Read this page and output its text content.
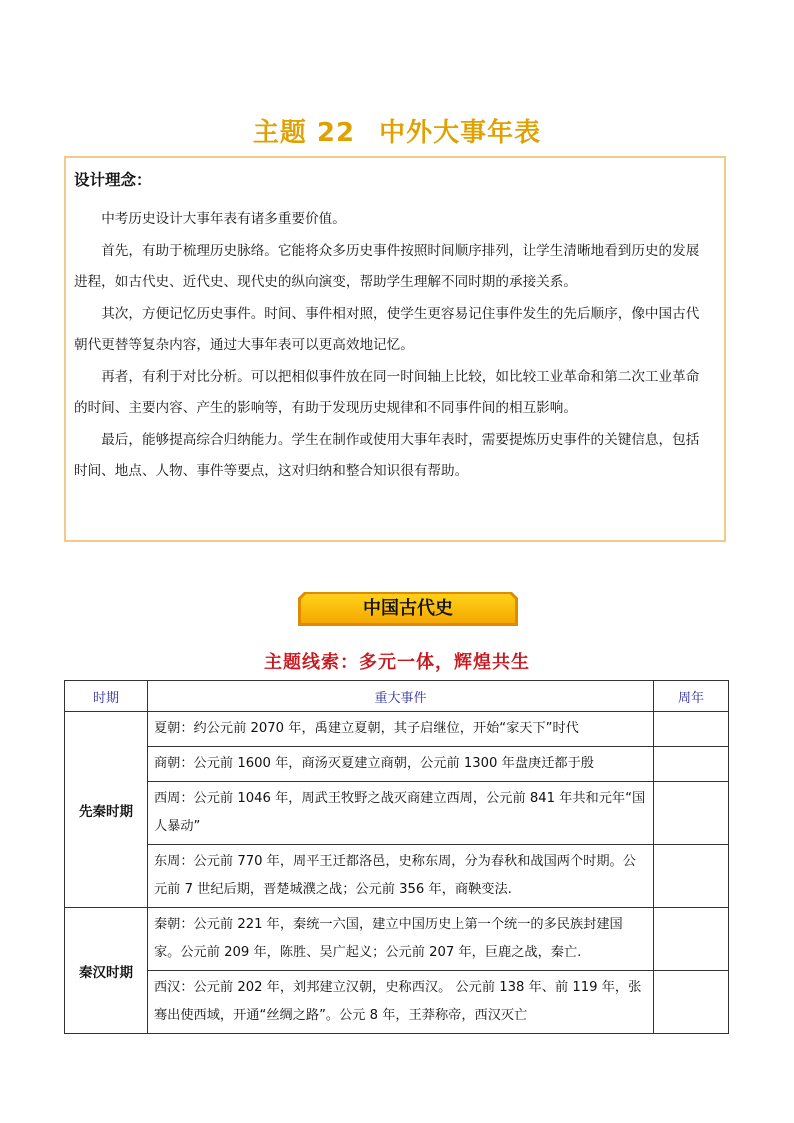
主题 22 中外大事年表
设计理念：

中考历史设计大事年表有诸多重要价值。

首先，有助于梳理历史脉络。它能将众多历史事件按照时间顺序排列，让学生清晰地看到历史的发展进程，如古代史、近代史、现代史的纵向演变，帮助学生理解不同时期的承接关系。

其次，方便记忆历史事件。时间、事件相对照，使学生更容易记住事件发生的先后顺序，像中国古代朝代更替等复杂内容，通过大事年表可以更高效地记忆。

再者，有利于对比分析。可以把相似事件放在同一时间轴上比较，如比较工业革命和第二次工业革命的时间、主要内容、产生的影响等，有助于发现历史规律和不同事件间的相互影响。

最后，能够提高综合归纳能力。学生在制作或使用大事年表时，需要提炼历史事件的关键信息，包括时间、地点、人物、事件等要点，这对归纳和整合知识很有帮助。

中国古代史
主题线索：多元一体，辉煌共生
时期	重大事件	周年
先秦时期	夏朝：约公元前 2070 年，禹建立夏朝，其子启继位，开始“家天下”时代	
	商朝：公元前 1600 年，商汤灭夏建立商朝，公元前 1300 年盘庚迁都于殷	
	西周：公元前 1046 年，周武王牧野之战灭商建立西周，公元前 841 年共和元年“国人暴动”	
	东周：公元前 770 年，周平王迁都洛邑，史称东周，分为春秋和战国两个时期。公元前 7 世纪后期，晋楚城濮之战；公元前 356 年，商鞅变法.	
秦汉时期	秦朝：公元前 221 年，秦统一六国，建立中国历史上第一个统一的多民族封建国家。公元前 209 年，陈胜、吴广起义；公元前 207 年，巨鹿之战，秦亡.	
	西汉：公元前 202 年，刘邦建立汉朝，史称西汉。 公元前 138 年、前 119 年，张骞出使西域，开通“丝绸之路”。公元 8 年，王莽称帝，西汉灭亡	
